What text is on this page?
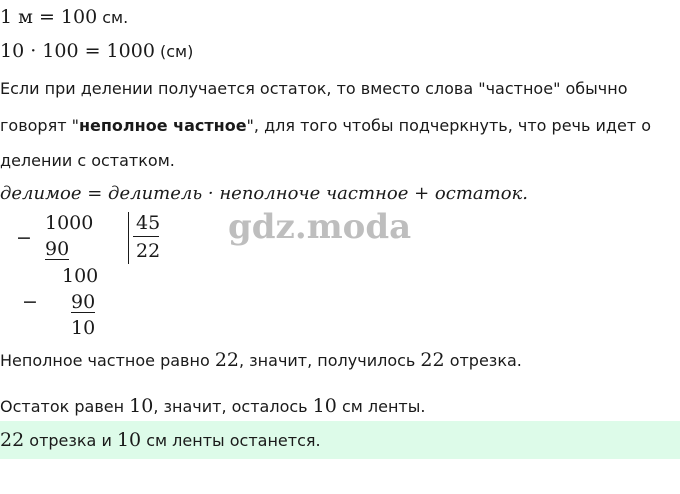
1 м = 100 см.
10 · 100 = 1000 (см)
Если при делении получается остаток, то вместо слова "частное" обычно
говорят "неполное частное", для того чтобы подчеркнуть, что речь идет о
делении с остатком.
делимое = делитель · неполноче частное + остаток.
−
1000
90
45
22
100
− 90
10
gdz.moda
Неполное частное равно 22, значит, получилось 22 отрезка.
Остаток равен 10, значит, осталось 10 см ленты.
22 отрезка и 10 см ленты останется.
